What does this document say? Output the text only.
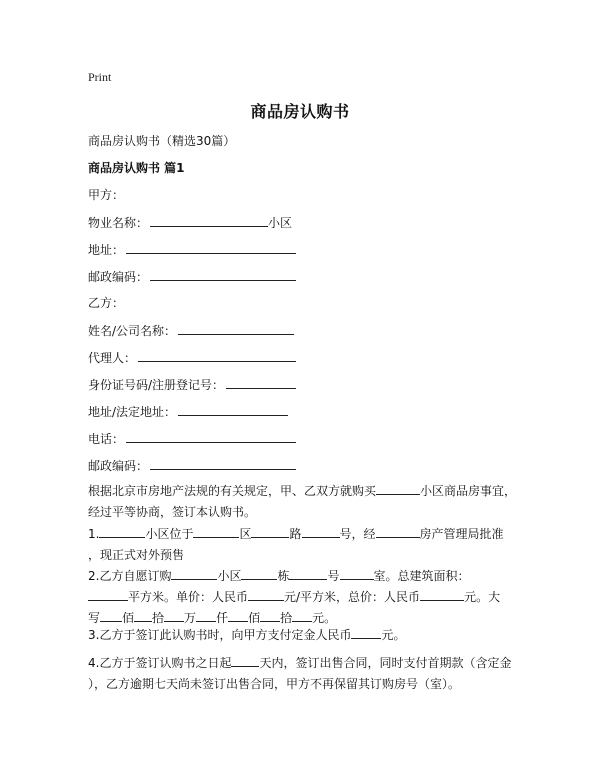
Print
商品房认购书
商品房认购书（精选30篇）
商品房认购书 篇1
甲方：
物业名称：	小区
地址：
邮政编码：
乙方：
姓名/公司名称：
代理人：
身份证号码/注册登记号：
地址/法定地址：
电话：
邮政编码：
根据北京市房地产法规的有关规定，甲、乙双方就购买	小区商品房事宜，
经过平等协商，签订本认购书。
1.	小区位于	区	路	号，经	房产管理局批准
，现正式对外预售
2.乙方自愿订购	小区	栋	号	室。总建筑面积：
平方米。单价：人民币	元/平方米，总价：人民币	元。大
写 佰 拾 万 仟 佰 拾 元。
3.乙方于签订此认购书时，向甲方支付定金人民币	元。
4.乙方于签订认购书之日起 天内，签订出售合同，同时支付首期款（含定金
），乙方逾期七天尚未签订出售合同，甲方不再保留其订购房号（室）。
